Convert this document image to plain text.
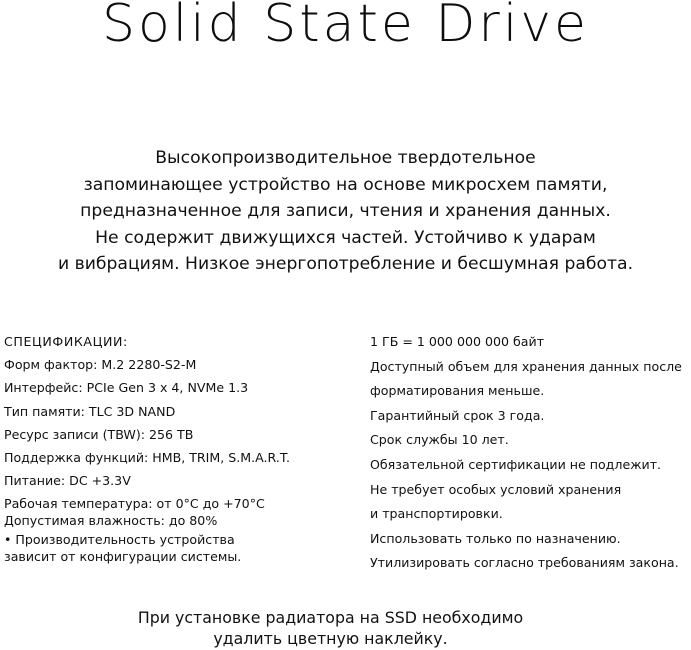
Solid State Drive
Высокопроизводительное твердотельное
запоминающее устройство на основе микросхем памяти,
предназначенное для записи, чтения и хранения данных.
Не содержит движущихся частей. Устойчиво к ударам
и вибрациям. Низкое энергопотребление и бесшумная работа.
СПЕЦИФИКАЦИИ:
Форм фактор: M.2 2280-S2-M
Интерфейс: PCIe Gen 3 x 4, NVMe 1.3
Тип памяти: TLC 3D NAND
Ресурс записи (TBW): 256 TB
Поддержка функций: HMB, TRIM, S.M.A.R.T.
Питание: DC +3.3V
Рабочая температура: от 0°C до +70°C
Допустимая влажность: до 80%
• Производительность устройства
зависит от конфигурации системы.
1 ГБ = 1 000 000 000 байт
Доступный объем для хранения данных после
форматирования меньше.
Гарантийный срок 3 года.
Срок службы 10 лет.
Обязательной сертификации не подлежит.
Не требует особых условий хранения
и транспортировки.
Использовать только по назначению.
Утилизировать согласно требованиям закона.
При установке радиатора на SSD необходимо
удалить цветную наклейку.
